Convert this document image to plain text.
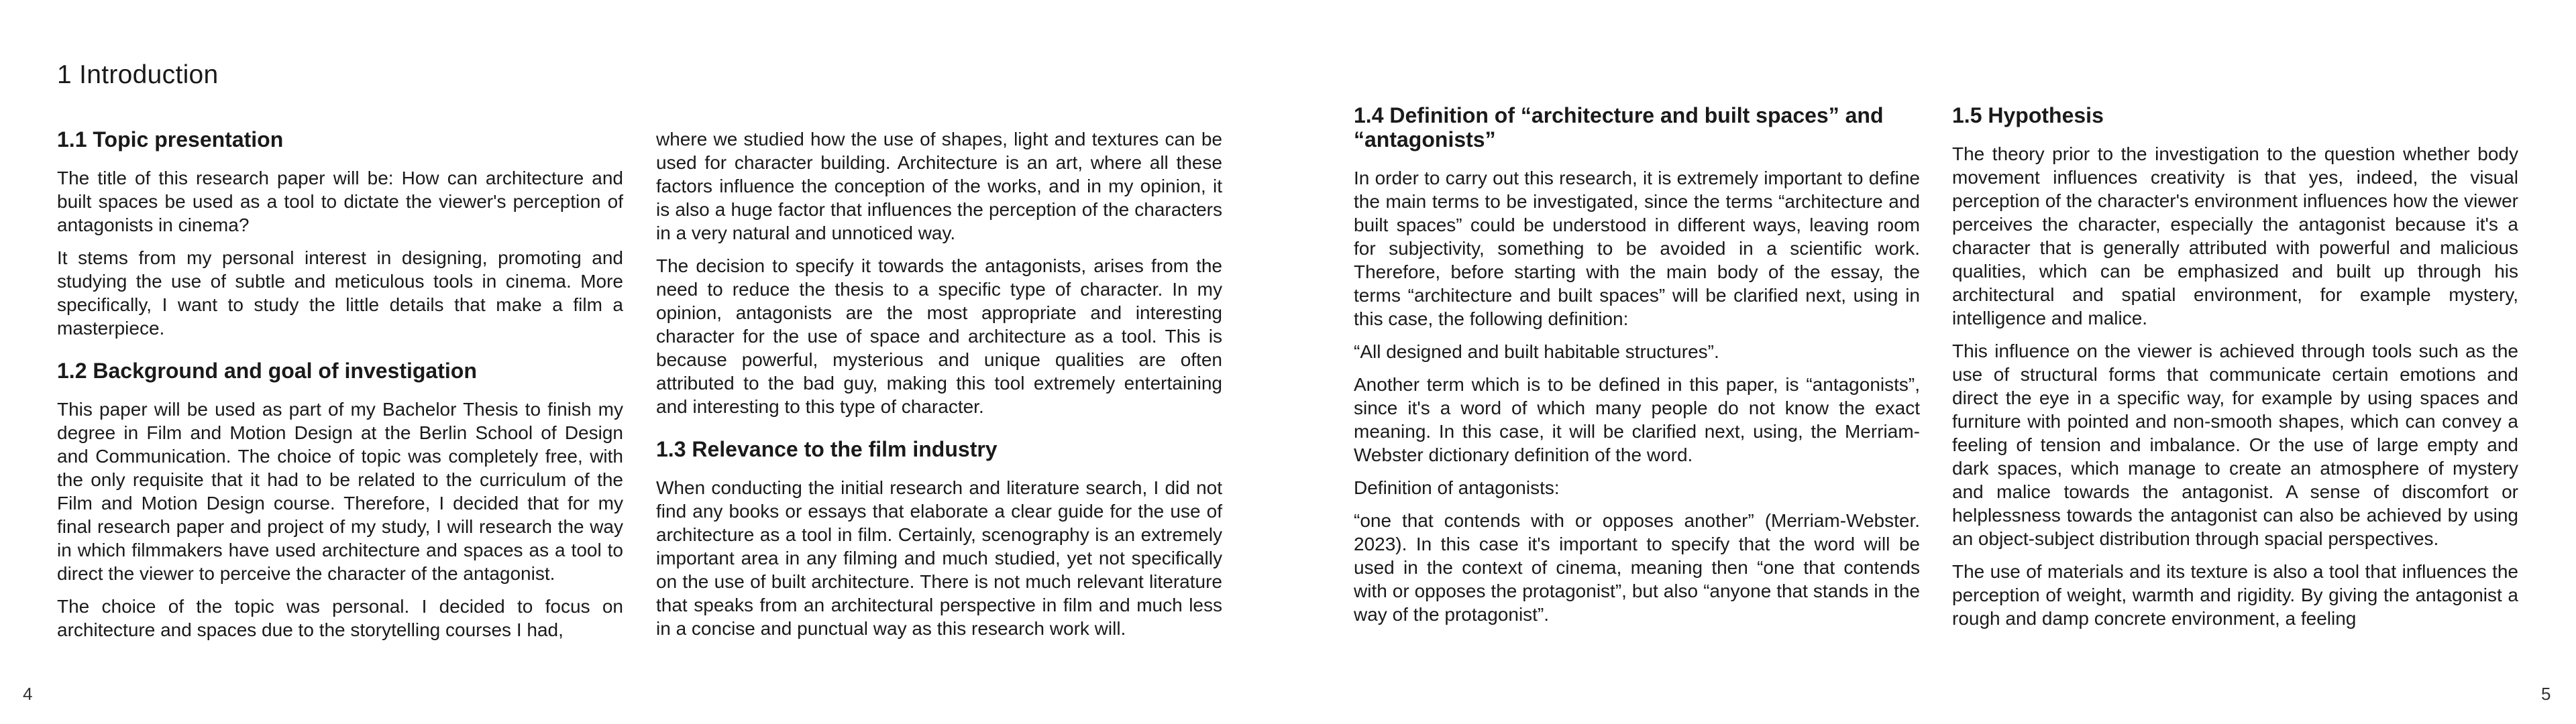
1 Introduction
1.1 Topic presentation

The title of this research paper will be: How can architecture and built spaces be used as a tool to dictate the viewer's perception of antagonists in cinema?

It stems from my personal interest in designing, promoting and studying the use of subtle and meticulous tools in cinema. More specifically, I want to study the little details that make a film a masterpiece.

1.2 Background and goal of investigation

This paper will be used as part of my Bachelor Thesis to finish my degree in Film and Motion Design at the Berlin School of Design and Communication. The choice of topic was completely free, with the only requisite that it had to be related to the curriculum of the Film and Motion Design course. Therefore, I decided that for my final research paper and project of my study, I will research the way in which filmmakers have used architecture and spaces as a tool to direct the viewer to perceive the character of the antagonist.

The choice of the topic was personal. I decided to focus on architecture and spaces due to the storytelling courses I had,

where we studied how the use of shapes, light and textures can be used for character building. Architecture is an art, where all these factors influence the conception of the works, and in my opinion, it is also a huge factor that influences the perception of the characters in a very natural and unnoticed way.

The decision to specify it towards the antagonists, arises from the need to reduce the thesis to a specific type of character. In my opinion, antagonists are the most appropriate and interesting character for the use of space and architecture as a tool. This is because powerful, mysterious and unique qualities are often attributed to the bad guy, making this tool extremely entertaining and interesting to this type of character.

1.3 Relevance to the film industry

When conducting the initial research and literature search, I did not find any books or essays that elaborate a clear guide for the use of architecture as a tool in film. Certainly, scenography is an extremely important area in any filming and much studied, yet not specifically on the use of built architecture. There is not much relevant literature that speaks from an architectural perspective in film and much less in a concise and punctual way as this research work will.

4
1.4 Definition of “architecture and built spaces” and “antagonists”

In order to carry out this research, it is extremely important to define the main terms to be investigated, since the terms “architecture and built spaces” could be understood in different ways, leaving room for subjectivity, something to be avoided in a scientific work. Therefore, before starting with the main body of the essay, the terms “architecture and built spaces” will be clarified next, using in this case, the following definition:

“All designed and built habitable structures”.

Another term which is to be defined in this paper, is “antagonists”, since it's a word of which many people do not know the exact meaning. In this case, it will be clarified next, using, the Merriam-Webster dictionary definition of the word.

Definition of antagonists:

“one that contends with or opposes another” (Merriam-Webster. 2023). In this case it's important to specify that the word will be used in the context of cinema, meaning then “one that contends with or opposes the protagonist”, but also “anyone that stands in the way of the protagonist”.

1.5 Hypothesis

The theory prior to the investigation to the question whether body movement influences creativity is that yes, indeed, the visual perception of the character's environment influences how the viewer perceives the character, especially the antagonist because it's a character that is generally attributed with powerful and malicious qualities, which can be emphasized and built up through his architectural and spatial environment, for example mystery, intelligence and malice.

This influence on the viewer is achieved through tools such as the use of structural forms that communicate certain emotions and direct the eye in a specific way, for example by using spaces and furniture with pointed and non-smooth shapes, which can convey a feeling of tension and imbalance. Or the use of large empty and dark spaces, which manage to create an atmosphere of mystery and malice towards the antagonist. A sense of discomfort or helplessness towards the antagonist can also be achieved by using an object-subject distribution through spacial perspectives.

The use of materials and its texture is also a tool that influences the perception of weight, warmth and rigidity. By giving the antagonist a rough and damp concrete environment, a feeling

5
